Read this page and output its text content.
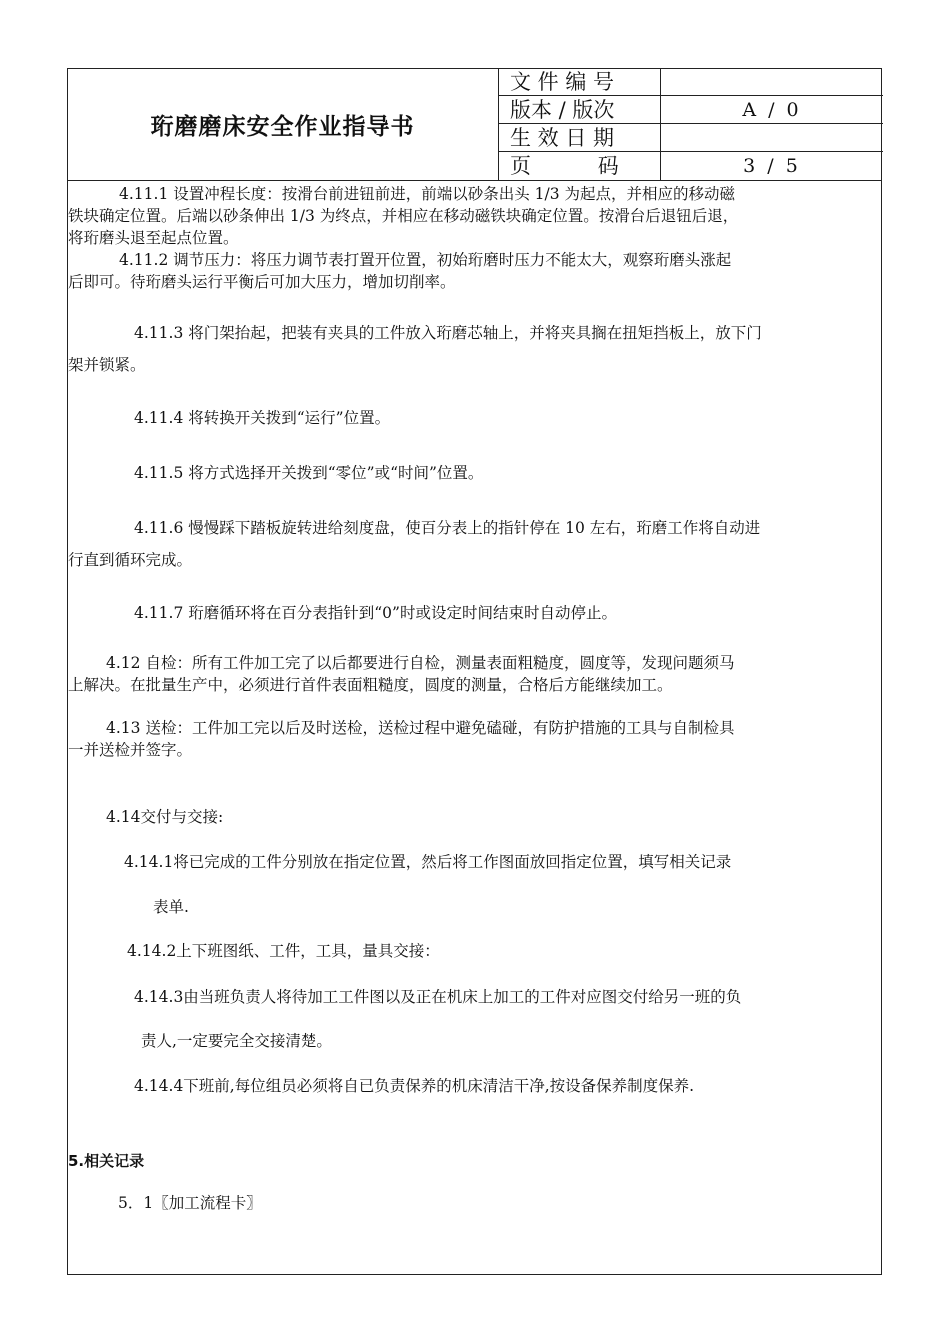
珩磨磨床安全作业指导书
文 件 编 号
版本 / 版次	A / 0
生 效 日 期
页          码	3 / 5
4.11.1 设置冲程长度：按滑台前进钮前进，前端以砂条出头 1/3 为起点，并相应的移动磁
铁块确定位置。后端以砂条伸出 1/3 为终点，并相应在移动磁铁块确定位置。按滑台后退钮后退，
将珩磨头退至起点位置。
4.11.2 调节压力：将压力调节表打置开位置，初始珩磨时压力不能太大，观察珩磨头涨起
后即可。待珩磨头运行平衡后可加大压力，增加切削率。
4.11.3 将门架抬起，把装有夹具的工件放入珩磨芯轴上，并将夹具搁在扭矩挡板上，放下门
架并锁紧。
4.11.4 将转换开关拨到“运行”位置。
4.11.5 将方式选择开关拨到“零位”或“时间”位置。
4.11.6 慢慢踩下踏板旋转进给刻度盘，使百分表上的指针停在 10 左右，珩磨工作将自动进
行直到循环完成。
4.11.7 珩磨循环将在百分表指针到“0”时或设定时间结束时自动停止。
4.12 自检：所有工件加工完了以后都要进行自检，测量表面粗糙度，圆度等，发现问题须马
上解决。在批量生产中，必须进行首件表面粗糙度，圆度的测量，合格后方能继续加工。
4.13 送检：工件加工完以后及时送检，送检过程中避免磕碰，有防护措施的工具与自制检具
一并送检并签字。
4.14交付与交接:
4.14.1将已完成的工件分别放在指定位置，然后将工作图面放回指定位置，填写相关记录
表单.
4.14.2上下班图纸、工件，工具，量具交接：
4.14.3由当班负责人将待加工工件图以及正在机床上加工的工件对应图交付给另一班的负
责人,一定要完全交接清楚。
4.14.4下班前,每位组员必须将自已负责保养的机床清洁干净,按设备保养制度保养.
5.相关记录
5．1〖加工流程卡〗
